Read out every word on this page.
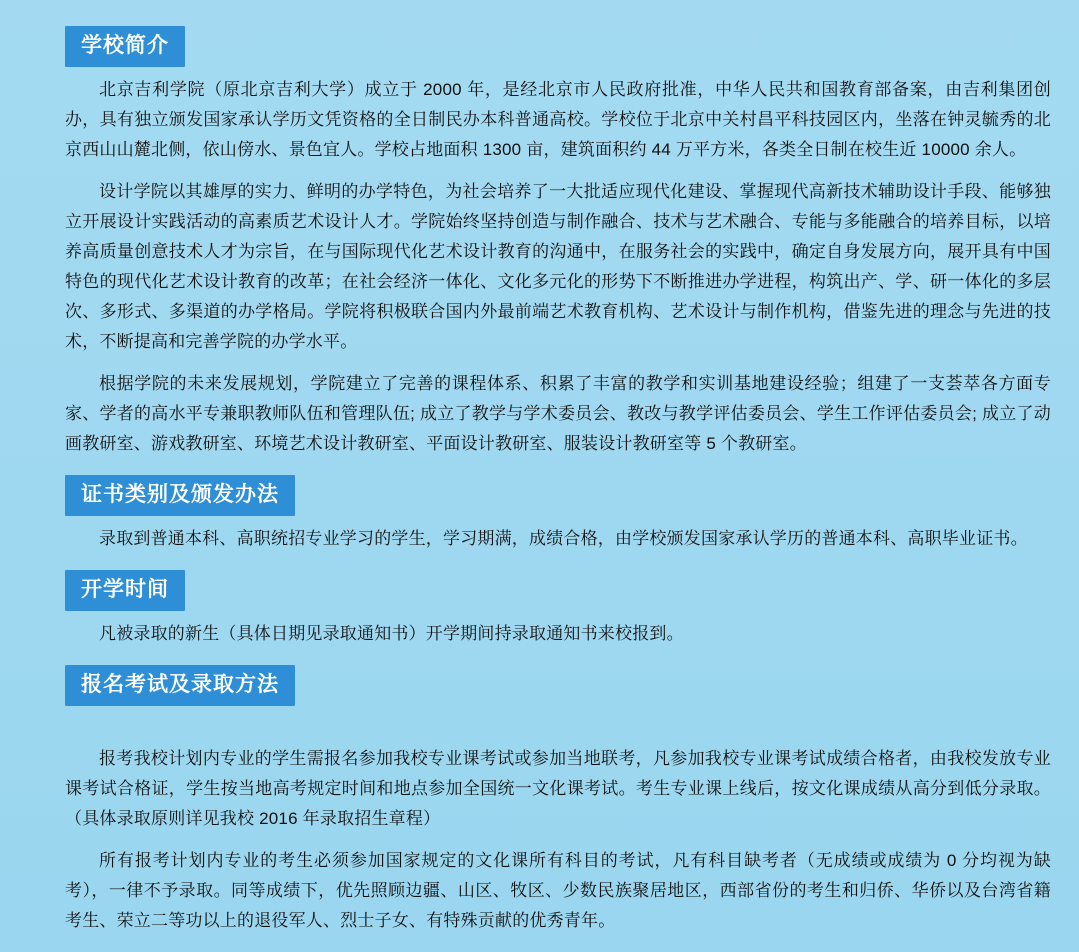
学校简介

北京吉利学院（原北京吉利大学）成立于 2000 年，是经北京市人民政府批准，中华人民共和国教育部备案，由吉利集团创办，具有独立颁发国家承认学历文凭资格的全日制民办本科普通高校。学校位于北京中关村昌平科技园区内，坐落在钟灵毓秀的北京西山山麓北侧，依山傍水、景色宜人。学校占地面积 1300 亩，建筑面积约 44 万平方米，各类全日制在校生近 10000 余人。

设计学院以其雄厚的实力、鲜明的办学特色，为社会培养了一大批适应现代化建设、掌握现代高新技术辅助设计手段、能够独立开展设计实践活动的高素质艺术设计人才。学院始终坚持创造与制作融合、技术与艺术融合、专能与多能融合的培养目标，以培养高质量创意技术人才为宗旨，在与国际现代化艺术设计教育的沟通中，在服务社会的实践中，确定自身发展方向，展开具有中国特色的现代化艺术设计教育的改革；在社会经济一体化、文化多元化的形势下不断推进办学进程，构筑出产、学、研一体化的多层次、多形式、多渠道的办学格局。学院将积极联合国内外最前端艺术教育机构、艺术设计与制作机构，借鉴先进的理念与先进的技术，不断提高和完善学院的办学水平。

根据学院的未来发展规划，学院建立了完善的课程体系、积累了丰富的教学和实训基地建设经验；组建了一支荟萃各方面专家、学者的高水平专兼职教师队伍和管理队伍; 成立了教学与学术委员会、教改与教学评估委员会、学生工作评估委员会; 成立了动画教研室、游戏教研室、环境艺术设计教研室、平面设计教研室、服装设计教研室等 5 个教研室。

证书类别及颁发办法

录取到普通本科、高职统招专业学习的学生，学习期满，成绩合格，由学校颁发国家承认学历的普通本科、高职毕业证书。

开学时间

凡被录取的新生（具体日期见录取通知书）开学期间持录取通知书来校报到。

报名考试及录取方法

报考我校计划内专业的学生需报名参加我校专业课考试或参加当地联考，凡参加我校专业课考试成绩合格者，由我校发放专业课考试合格证，学生按当地高考规定时间和地点参加全国统一文化课考试。考生专业课上线后，按文化课成绩从高分到低分录取。（具体录取原则详见我校 2016 年录取招生章程）

所有报考计划内专业的考生必须参加国家规定的文化课所有科目的考试，凡有科目缺考者（无成绩或成绩为 0 分均视为缺考），一律不予录取。同等成绩下，优先照顾边疆、山区、牧区、少数民族聚居地区，西部省份的考生和归侨、华侨以及台湾省籍考生、荣立二等功以上的退役军人、烈士子女、有特殊贡献的优秀青年。
